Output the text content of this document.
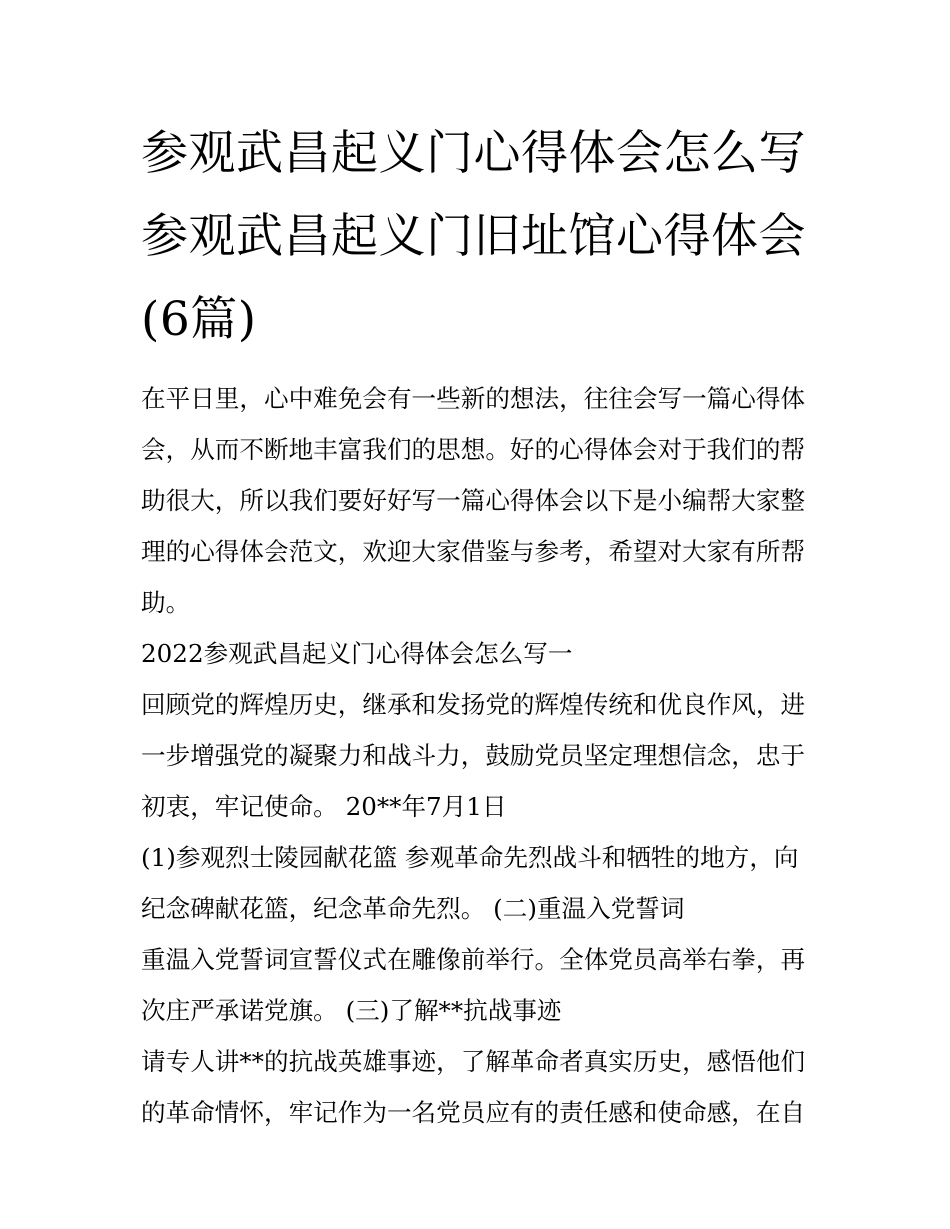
参观武昌起义门心得体会怎么写 参观武昌起义门旧址馆心得体会(6篇)

在平日里，心中难免会有一些新的想法，往往会写一篇心得体会，从而不断地丰富我们的思想。好的心得体会对于我们的帮助很大，所以我们要好好写一篇心得体会以下是小编帮大家整理的心得体会范文，欢迎大家借鉴与参考，希望对大家有所帮助。

2022参观武昌起义门心得体会怎么写一

回顾党的辉煌历史，继承和发扬党的辉煌传统和优良作风，进一步增强党的凝聚力和战斗力，鼓励党员坚定理想信念，忠于初衷，牢记使命。 20**年7月1日

(1)参观烈士陵园献花篮 参观革命先烈战斗和牺牲的地方，向纪念碑献花篮，纪念革命先烈。 (二)重温入党誓词

重温入党誓词宣誓仪式在雕像前举行。全体党员高举右拳，再次庄严承诺党旗。 (三)了解**抗战事迹

请专人讲**的抗战英雄事迹，了解革命者真实历史，感悟他们的革命情怀，牢记作为一名党员应有的责任感和使命感，在自
